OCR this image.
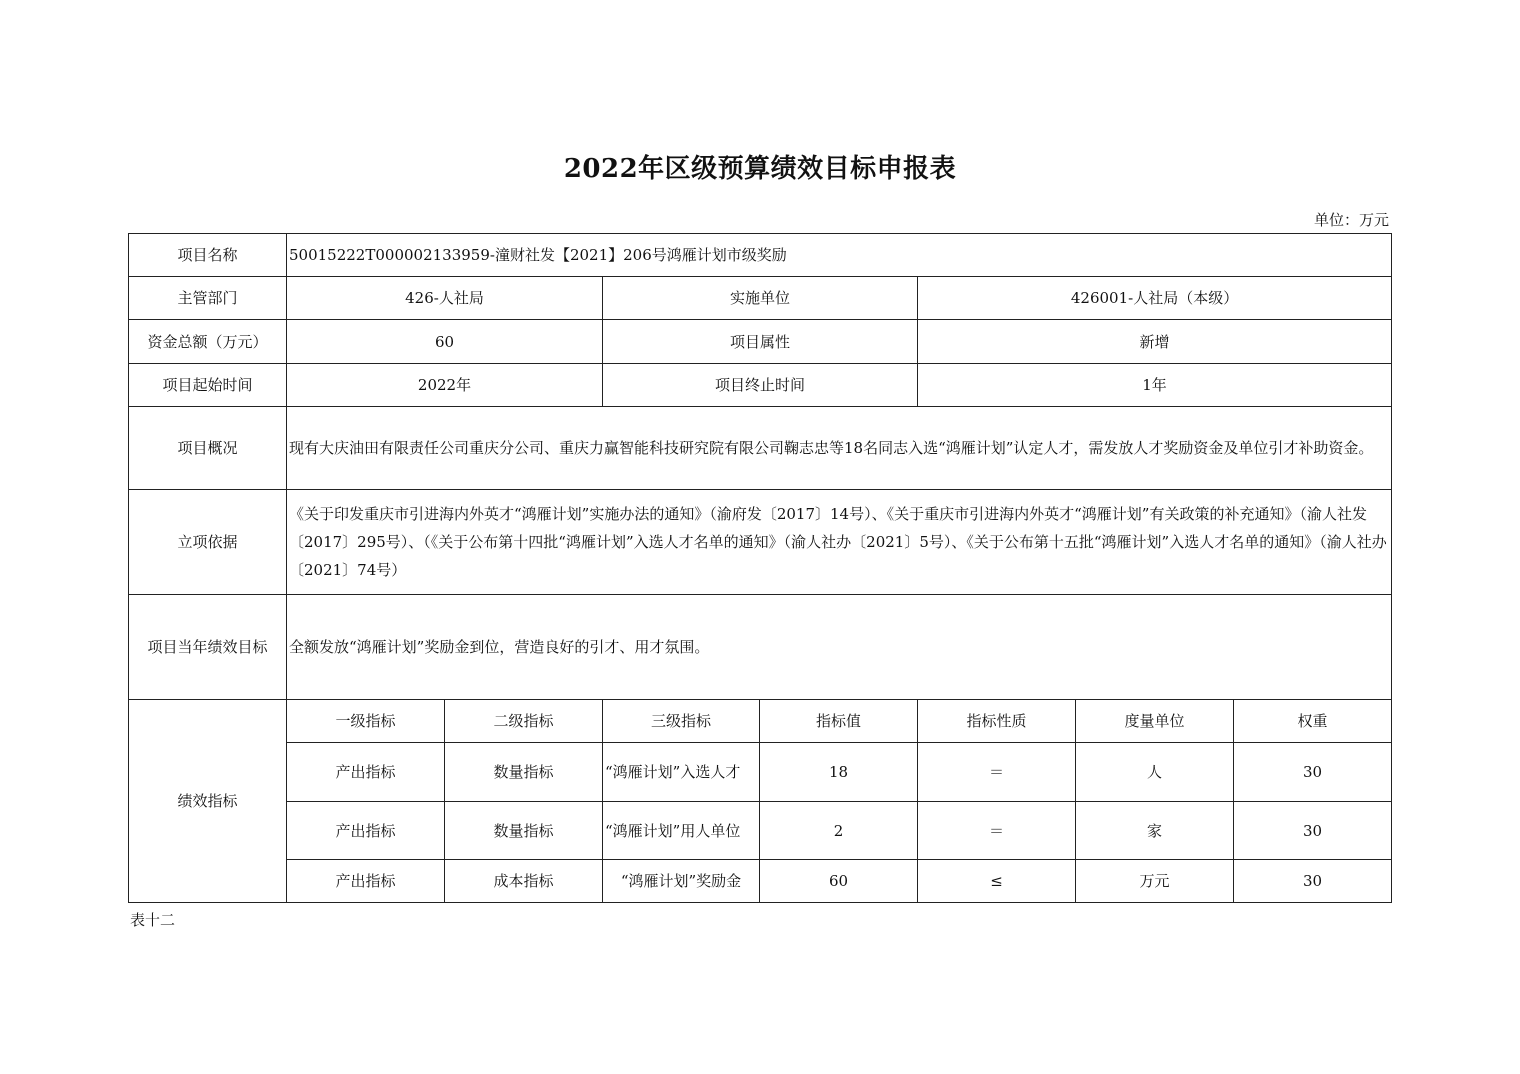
2022年区级预算绩效目标申报表
单位：万元
项目名称	50015222T000002133959-潼财社发【2021】206号鸿雁计划市级奖励						
主管部门	426-人社局		实施单位		426001-人社局（本级）		
资金总额（万元）	60		项目属性		新增		
项目起始时间	2022年		项目终止时间		1年		
项目概况	现有大庆油田有限责任公司重庆分公司、重庆力赢智能科技研究院有限公司鞠志忠等18名同志入选“鸿雁计划”认定人才，需发放人才奖励资金及单位引才补助资金。						
立项依据	《关于印发重庆市引进海内外英才“鸿雁计划”实施办法的通知》（渝府发〔2017〕14号）、《关于重庆市引进海内外英才“鸿雁计划”有关政策的补充通知》（渝人社发〔2017〕295号）、（《关于公布第十四批“鸿雁计划”入选人才名单的通知》（渝人社办〔2021〕5号）、《关于公布第十五批“鸿雁计划”入选人才名单的通知》（渝人社办〔2021〕74号）						
项目当年绩效目标	全额发放“鸿雁计划”奖励金到位，营造良好的引才、用才氛围。						
绩效指标	一级指标	二级指标	三级指标	指标值	指标性质	度量单位	权重
	产出指标	数量指标	“鸿雁计划”入选人才	18	＝	人	30
	产出指标	数量指标	“鸿雁计划”用人单位	2	＝	家	30
	产出指标	成本指标	“鸿雁计划”奖励金	60	≤	万元	30
表十二
